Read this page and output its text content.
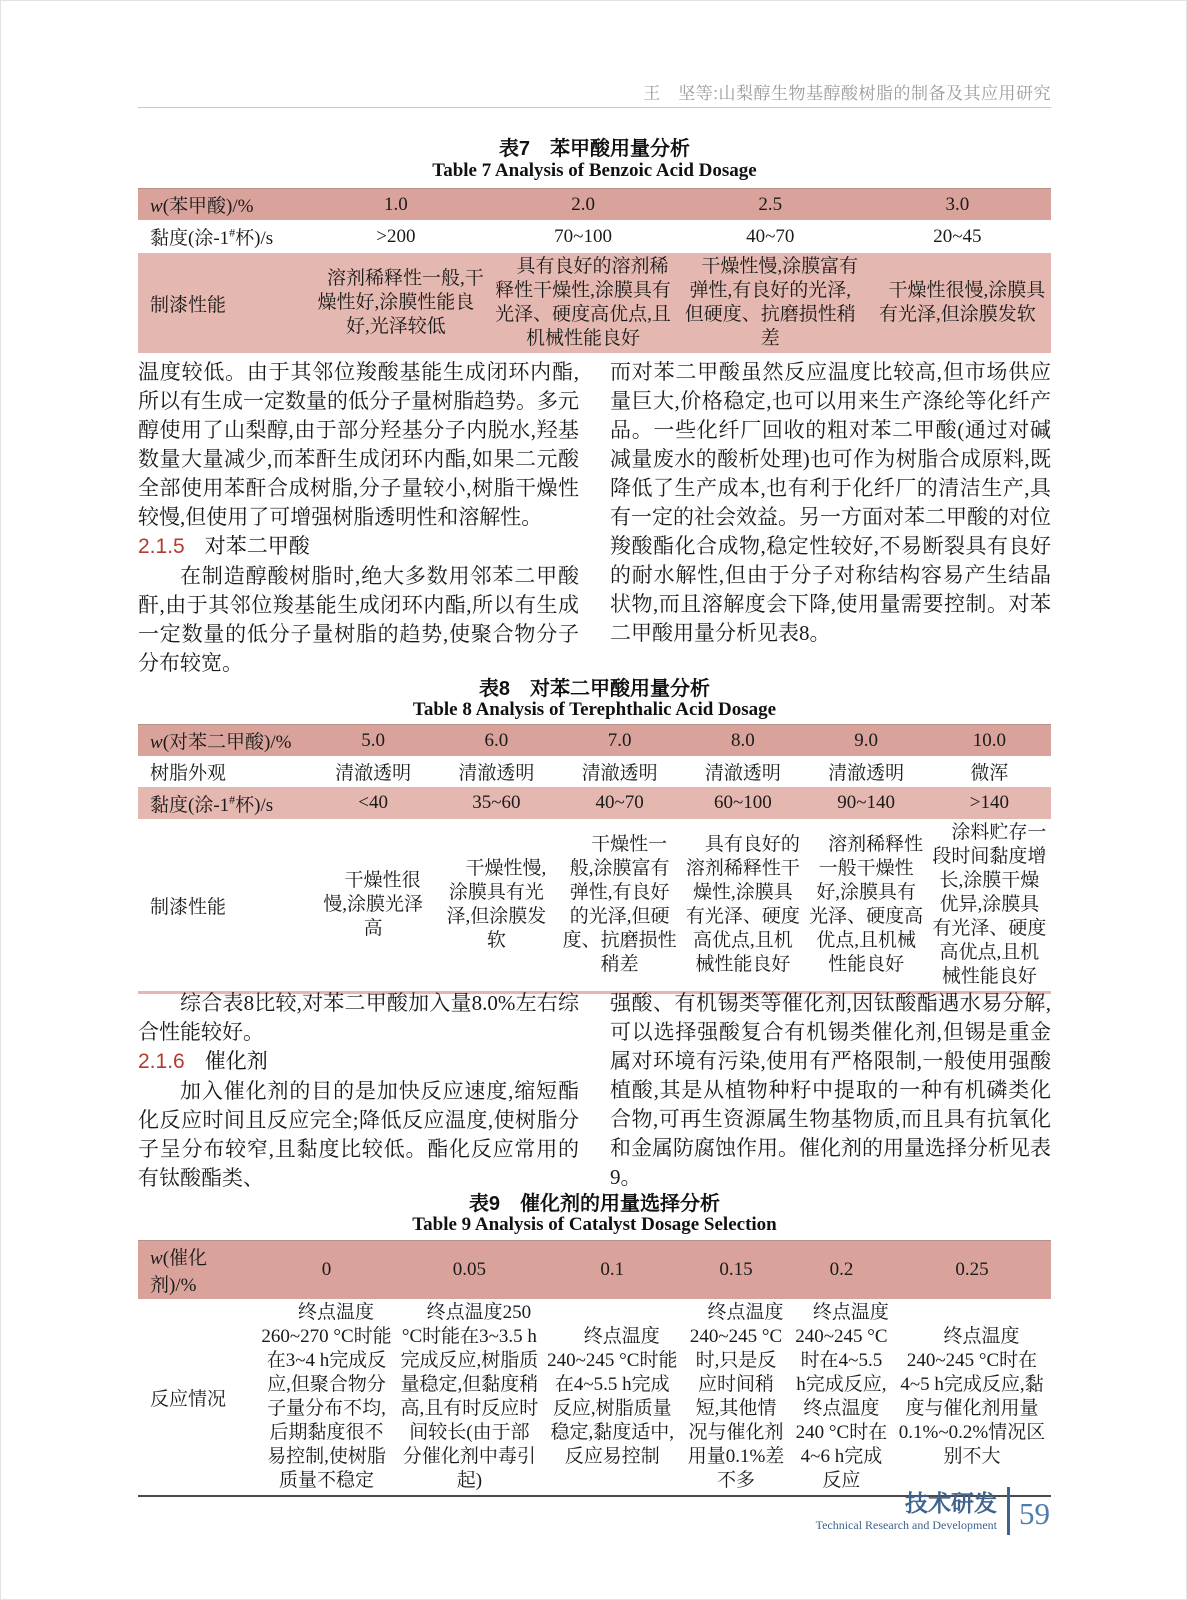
王　坚等:山梨醇生物基醇酸树脂的制备及其应用研究
表7　苯甲酸用量分析
Table 7 Analysis of Benzoic Acid Dosage
w(苯甲酸)/%	1.0	2.0	2.5	3.0
黏度(涂-1#杯)/s	>200	70~100	40~70	20~45
制漆性能	溶剂稀释性一般,干燥性好,涂膜性能良好,光泽较低	具有良好的溶剂稀释性干燥性,涂膜具有光泽、硬度高优点,且机械性能良好	干燥性慢,涂膜富有弹性,有良好的光泽,但硬度、抗磨损性稍差	干燥性很慢,涂膜具有光泽,但涂膜发软

温度较低。由于其邻位羧酸基能生成闭环内酯,所以有生成一定数量的低分子量树脂趋势。多元醇使用了山梨醇,由于部分羟基分子内脱水,羟基数量大量减少,而苯酐生成闭环内酯,如果二元酸全部使用苯酐合成树脂,分子量较小,树脂干燥性较慢,但使用了可增强树脂透明性和溶解性。

2.1.5 对苯二甲酸

在制造醇酸树脂时,绝大多数用邻苯二甲酸酐,由于其邻位羧基能生成闭环内酯,所以有生成一定数量的低分子量树脂的趋势,使聚合物分子分布较宽。

而对苯二甲酸虽然反应温度比较高,但市场供应量巨大,价格稳定,也可以用来生产涤纶等化纤产品。一些化纤厂回收的粗对苯二甲酸(通过对碱减量废水的酸析处理)也可作为树脂合成原料,既降低了生产成本,也有利于化纤厂的清洁生产,具有一定的社会效益。另一方面对苯二甲酸的对位羧酸酯化合成物,稳定性较好,不易断裂具有良好的耐水解性,但由于分子对称结构容易产生结晶状物,而且溶解度会下降,使用量需要控制。对苯二甲酸用量分析见表8。

表8　对苯二甲酸用量分析
Table 8 Analysis of Terephthalic Acid Dosage
w(对苯二甲酸)/%	5.0	6.0	7.0	8.0	9.0	10.0
树脂外观	清澈透明	清澈透明	清澈透明	清澈透明	清澈透明	微浑
黏度(涂-1#杯)/s	<40	35~60	40~70	60~100	90~140	>140
制漆性能	干燥性很慢,涂膜光泽高	干燥性慢,涂膜具有光泽,但涂膜发软	干燥性一般,涂膜富有弹性,有良好的光泽,但硬度、抗磨损性稍差	具有良好的溶剂稀释性干燥性,涂膜具有光泽、硬度高优点,且机械性能良好	溶剂稀释性一般干燥性好,涂膜具有光泽、硬度高优点,且机械性能良好	涂料贮存一段时间黏度增长,涂膜干燥优异,涂膜具有光泽、硬度高优点,且机械性能良好

综合表8比较,对苯二甲酸加入量8.0%左右综合性能较好。

2.1.6 催化剂

加入催化剂的目的是加快反应速度,缩短酯化反应时间且反应完全;降低反应温度,使树脂分子呈分布较窄,且黏度比较低。酯化反应常用的有钛酸酯类、

强酸、有机锡类等催化剂,因钛酸酯遇水易分解,可以选择强酸复合有机锡类催化剂,但锡是重金属对环境有污染,使用有严格限制,一般使用强酸植酸,其是从植物种籽中提取的一种有机磷类化合物,可再生资源属生物基物质,而且具有抗氧化和金属防腐蚀作用。催化剂的用量选择分析见表9。

表9　催化剂的用量选择分析
Table 9 Analysis of Catalyst Dosage Selection
w(催化剂)/%	0	0.05	0.1	0.15	0.2	0.25
反应情况	终点温度260~270 °C时能在3~4 h完成反应,但聚合物分子量分布不均,后期黏度很不易控制,使树脂质量不稳定	终点温度250 °C时能在3~3.5 h完成反应,树脂质量稳定,但黏度稍高,且有时反应时间较长(由于部分催化剂中毒引起)	终点温度240~245 °C时能在4~5.5 h完成反应,树脂质量稳定,黏度适中,反应易控制	终点温度240~245 °C时,只是反应时间稍短,其他情况与催化剂用量0.1%差不多	终点温度240~245 °C时在4~5.5 h完成反应,终点温度240 °C时在4~6 h完成反应	终点温度240~245 °C时在4~5 h完成反应,黏度与催化剂用量0.1%~0.2%情况区别不大
技术研发
Technical Research and Development 59
